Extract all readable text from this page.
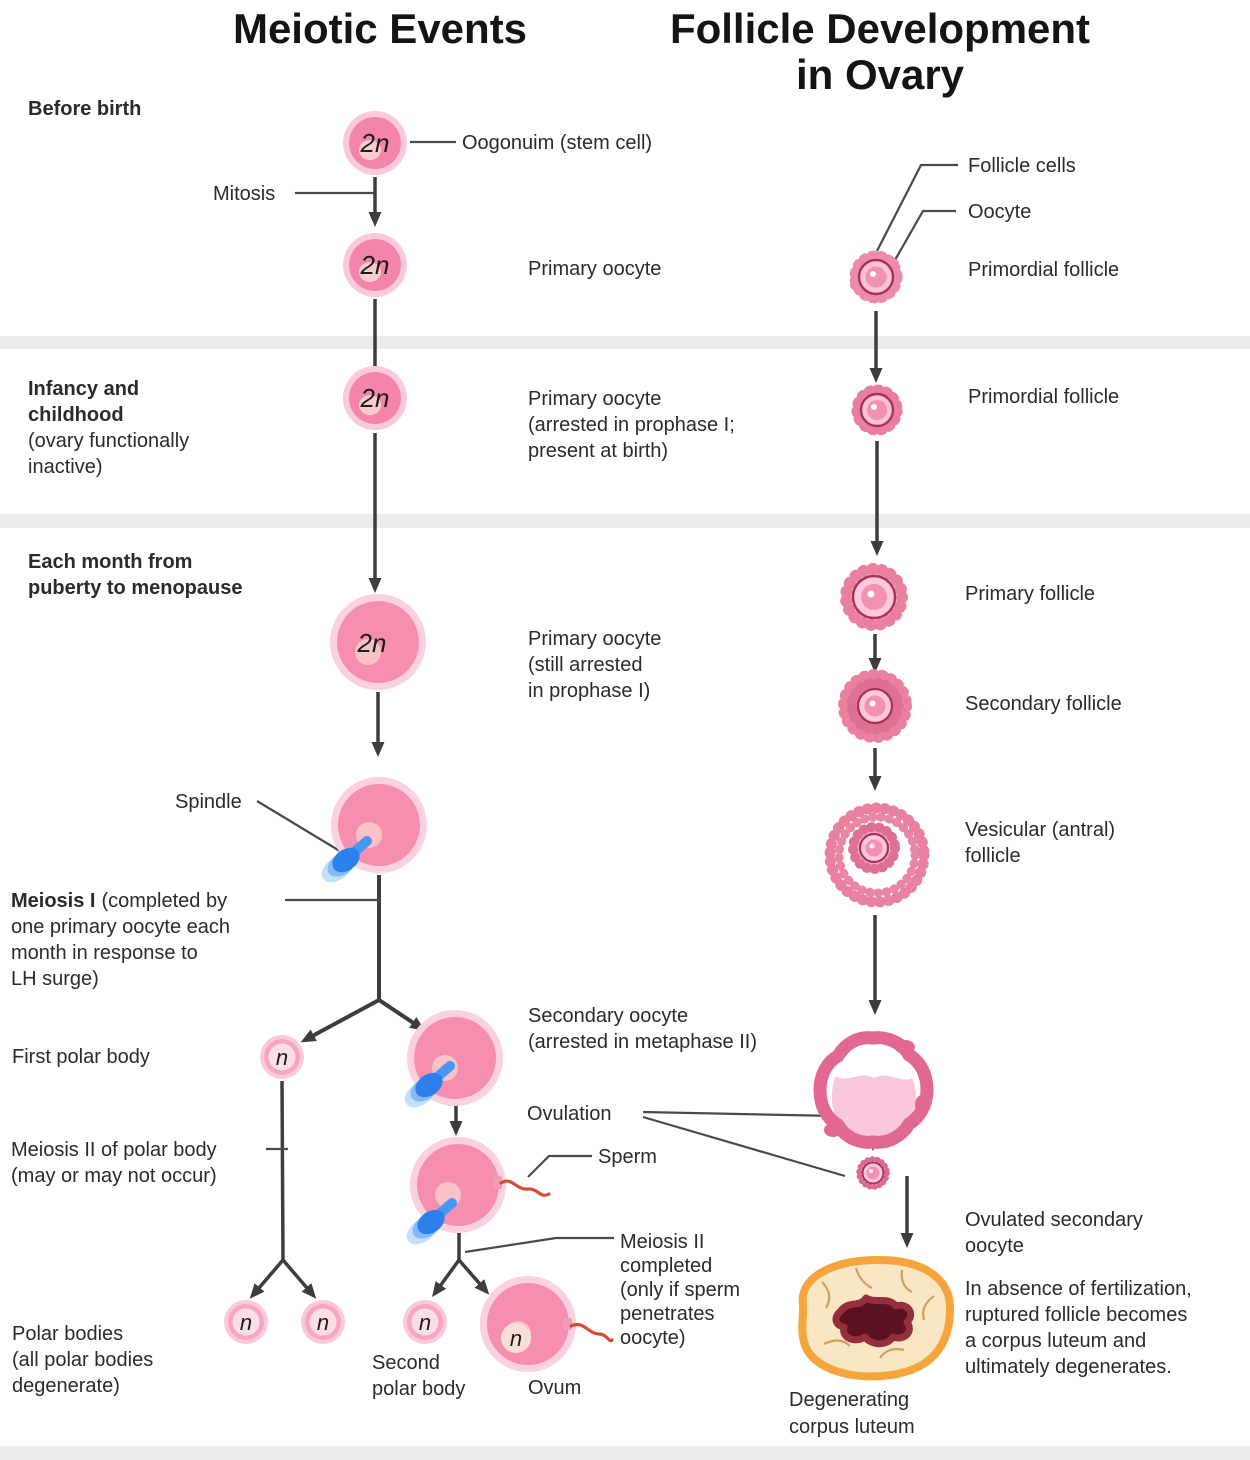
2n
2n
2n
2n
n
n	n	n
n
Meiotic Events	Follicle Development
in Ovary
Before birth
Infancy and
childhood
(ovary functionally
inactive)
Each month from
puberty to menopause
Oogonuim (stem cell)
Mitosis
Primary oocyte
Primary oocyte
(arrested in prophase I;
present at birth)
Primary oocyte
(still arrested
in prophase I)
Spindle
Meiosis I (completed by
one primary oocyte each
month in response to
LH surge)
First polar body
Secondary oocyte
(arrested in metaphase II)
Ovulation
Meiosis II of polar body
(may or may not occur)
Sperm
Meiosis II
completed
(only if sperm
penetrates
oocyte)
Polar bodies
(all polar bodies
degenerate)
Second
polar body	Ovum
Follicle cells
Oocyte
Primordial follicle
Primordial follicle
Primary follicle
Secondary follicle
Vesicular (antral)
follicle
Ovulated secondary
oocyte
In absence of fertilization,
ruptured follicle becomes
a corpus luteum and
ultimately degenerates.
Degenerating
corpus luteum
